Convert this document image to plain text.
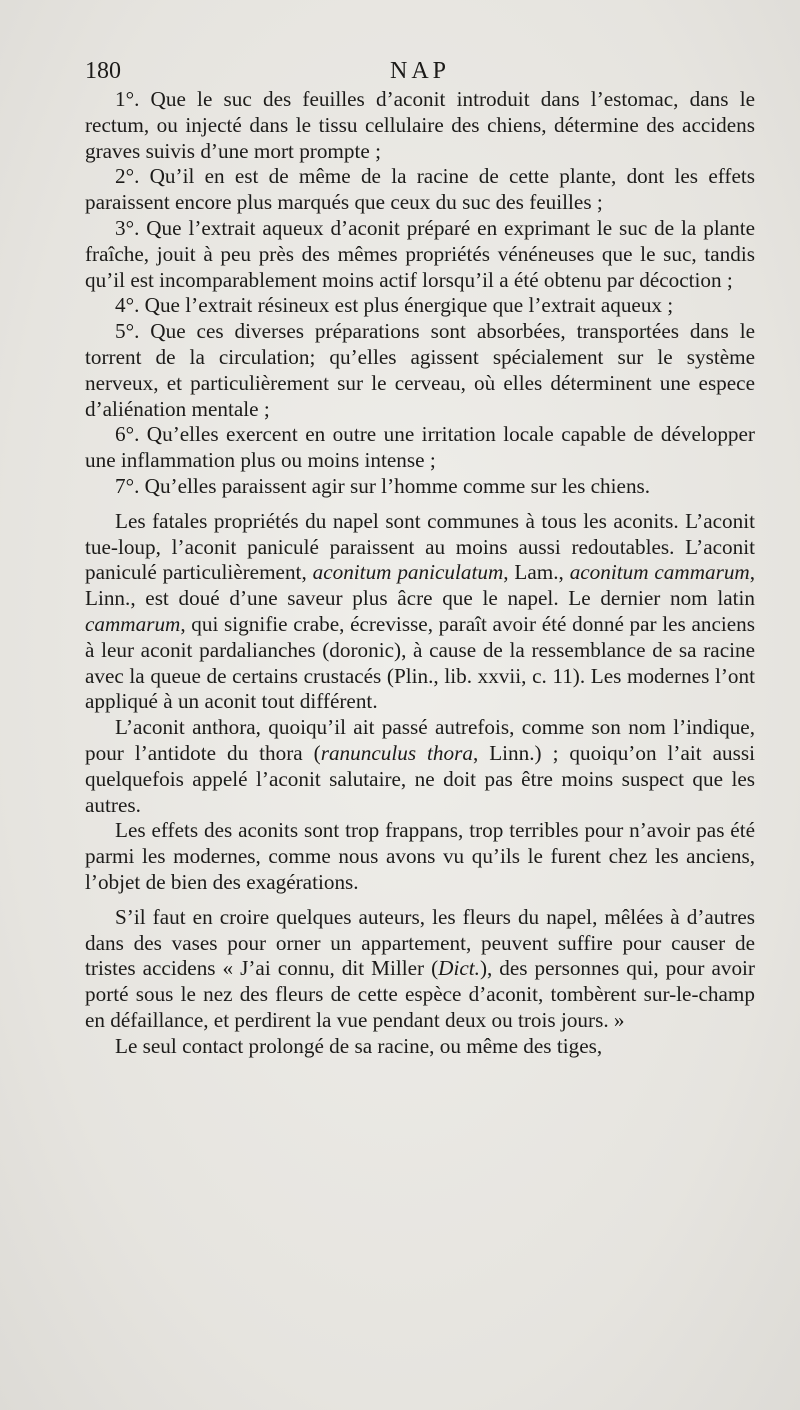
180	NAP

1°. Que le suc des feuilles d’aconit introduit dans l’estomac, dans le rectum, ou injecté dans le tissu cellulaire des chiens, détermine des accidens graves suivis d’une mort prompte ;

2°. Qu’il en est de même de la racine de cette plante, dont les effets paraissent encore plus marqués que ceux du suc des feuilles ;

3°. Que l’extrait aqueux d’aconit préparé en exprimant le suc de la plante fraîche, jouit à peu près des mêmes propriétés vénéneuses que le suc, tandis qu’il est incomparablement moins actif lorsqu’il a été obtenu par décoction ;

4°. Que l’extrait résineux est plus énergique que l’extrait aqueux ;

5°. Que ces diverses préparations sont absorbées, transportées dans le torrent de la circulation; qu’elles agissent spécialement sur le système nerveux, et particulièrement sur le cerveau, où elles déterminent une espece d’aliénation mentale ;

6°. Qu’elles exercent en outre une irritation locale capable de développer une inflammation plus ou moins intense ;

7°. Qu’elles paraissent agir sur l’homme comme sur les chiens.

Les fatales propriétés du napel sont communes à tous les aconits. L’aconit tue-loup, l’aconit paniculé paraissent au moins aussi redoutables. L’aconit paniculé particulièrement, aconitum paniculatum, Lam., aconitum cammarum, Linn., est doué d’une saveur plus âcre que le napel. Le dernier nom latin cammarum, qui signifie crabe, écrevisse, paraît avoir été donné par les anciens à leur aconit pardalianches (doronic), à cause de la ressemblance de sa racine avec la queue de certains crustacés (Plin., lib. xxvii, c. 11). Les modernes l’ont appliqué à un aconit tout différent.

L’aconit anthora, quoiqu’il ait passé autrefois, comme son nom l’indique, pour l’antidote du thora (ranunculus thora, Linn.) ; quoiqu’on l’ait aussi quelquefois appelé l’aconit salutaire, ne doit pas être moins suspect que les autres.

Les effets des aconits sont trop frappans, trop terribles pour n’avoir pas été parmi les modernes, comme nous avons vu qu’ils le furent chez les anciens, l’objet de bien des exagérations.

S’il faut en croire quelques auteurs, les fleurs du napel, mêlées à d’autres dans des vases pour orner un appartement, peuvent suffire pour causer de tristes accidens « J’ai connu, dit Miller (Dict.), des personnes qui, pour avoir porté sous le nez des fleurs de cette espèce d’aconit, tombèrent sur-le-champ en défaillance, et perdirent la vue pendant deux ou trois jours. »

Le seul contact prolongé de sa racine, ou même des tiges,
